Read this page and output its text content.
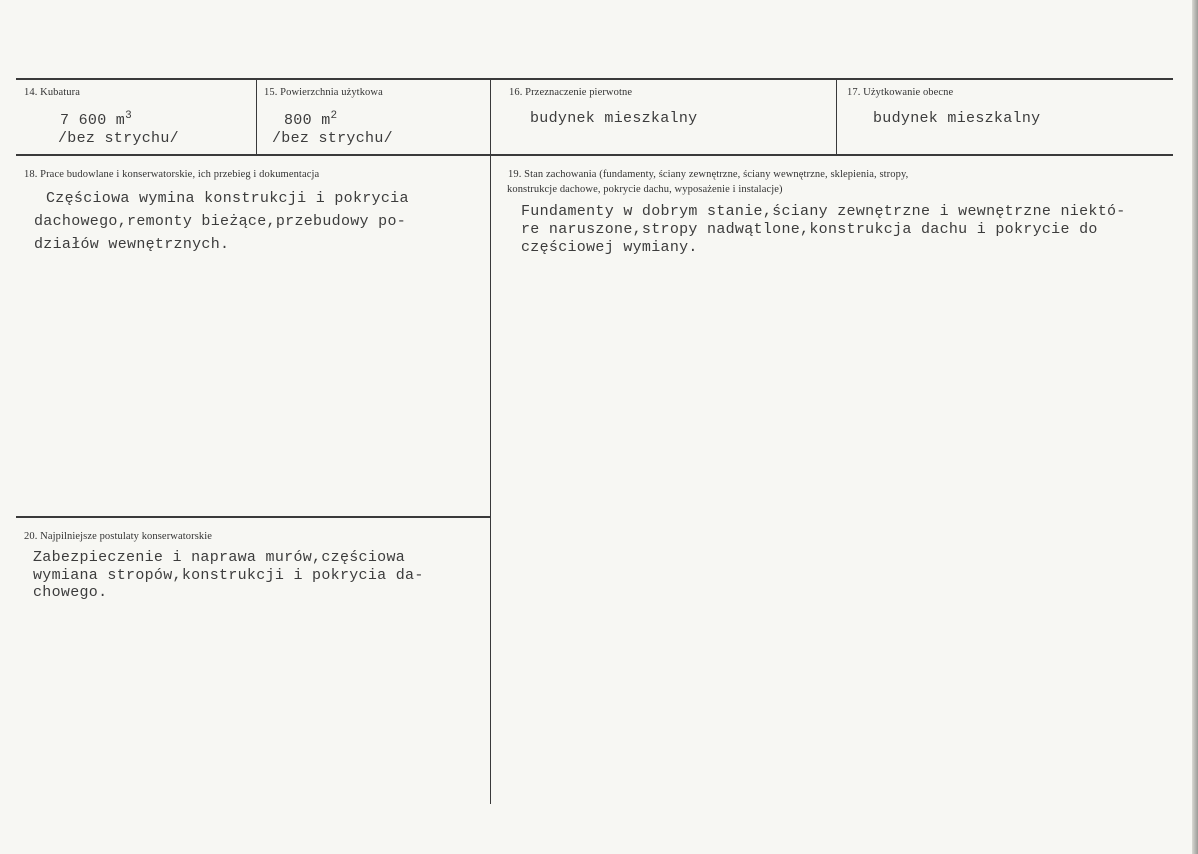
14. Kubatura
7 600 $m^3$
/bez strychu/
15. Powierzchnia użytkowa
800 $m^2$
/bez strychu/
16. Przeznaczenie pierwotne
budynek mieszkalny
17. Użytkowanie obecne
budynek mieszkalny
18. Prace budowlane i konserwatorskie, ich przebieg i dokumentacja
Częściowa wymina konstrukcji i pokrycia
dachowego,remonty bieżące,przebudowy po-
działów wewnętrznych.
19. Stan zachowania (fundamenty, ściany zewnętrzne, ściany wewnętrzne, sklepienia, stropy,
konstrukcje dachowe, pokrycie dachu, wyposażenie i instalacje)
Fundamenty w dobrym stanie,ściany zewnętrzne i wewnętrzne niektó-
re naruszone,stropy nadwątlone,konstrukcja dachu i pokrycie do
częściowej wymiany.
20. Najpilniejsze postulaty konserwatorskie
Zabezpieczenie i naprawa murów,częściowa
wymiana stropów,konstrukcji i pokrycia da-
chowego.
